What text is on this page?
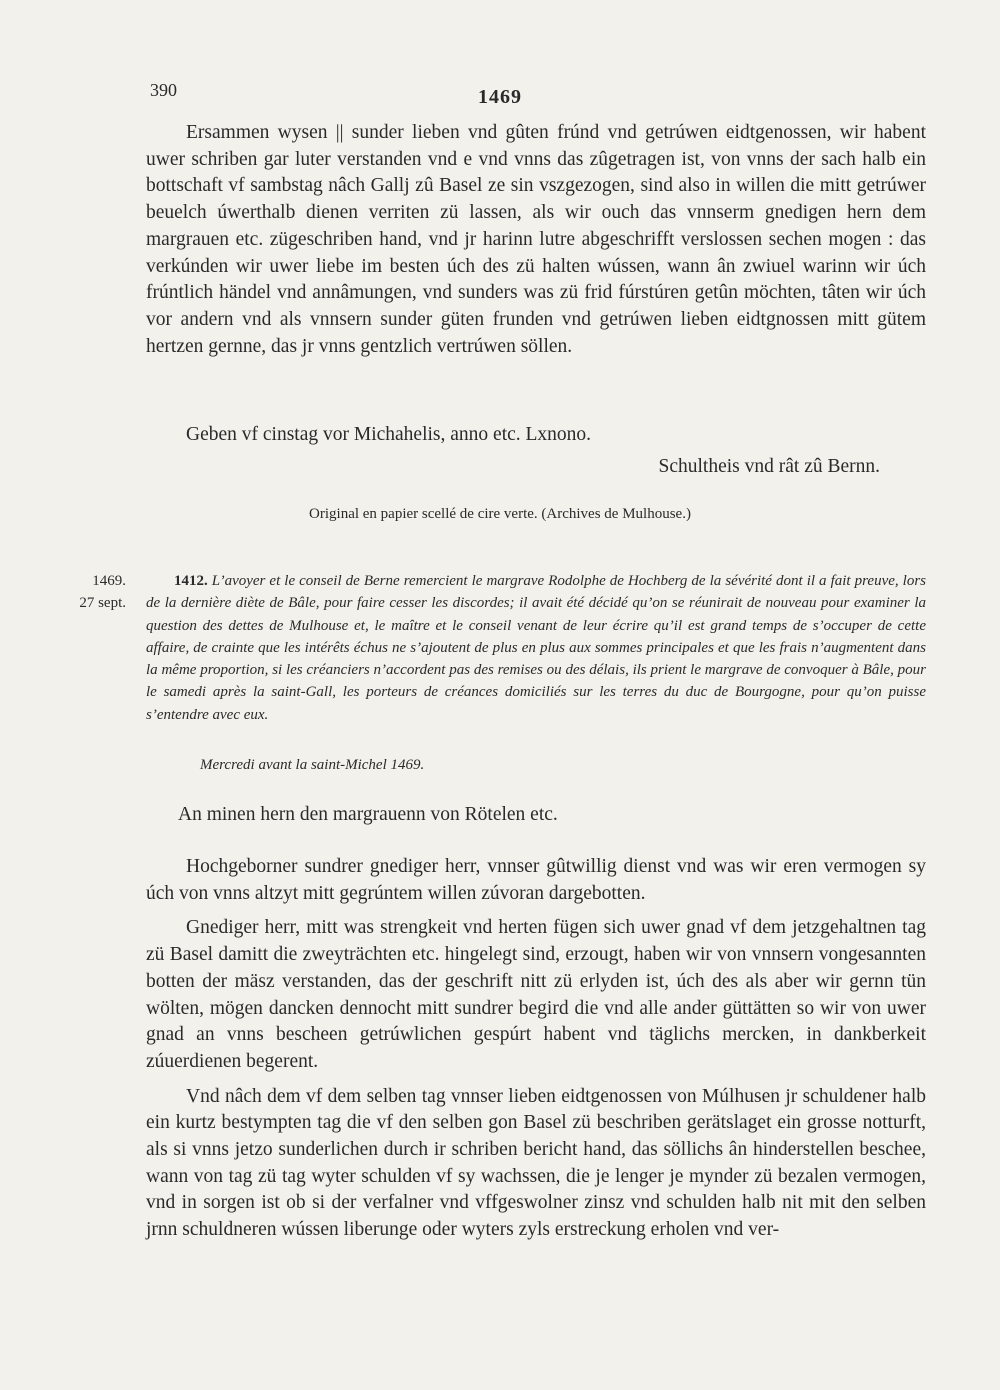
390	1469

Ersammen wysen || sunder lieben vnd gûten frúnd vnd getrúwen eidtgenossen, wir habent uwer schriben gar luter verstanden vnd e vnd vnns das zûgetragen ist, von vnns der sach halb ein bottschaft vf sambstag nâch Gallj zû Basel ze sin vszgezogen, sind also in willen die mitt getrúwer beuelch úwerthalb dienen verriten zü lassen, als wir ouch das vnnserm gnedigen hern dem margrauen etc. zügeschriben hand, vnd jr harinn lutre abgeschrifft verslossen sechen mogen : das verkúnden wir uwer liebe im besten úch des zü halten wússen, wann ân zwiuel warinn wir úch frúntlich händel vnd annâmungen, vnd sunders was zü frid fúrstúren getûn möchten, tâten wir úch vor andern vnd als vnnsern sunder güten frunden vnd getrúwen lieben eidtgnossen mitt gütem hertzen gernne, das jr vnns gentzlich vertrúwen söllen.

Geben vf cinstag vor Michahelis, anno etc. Lxnono.
Schultheis vnd rât zû Bernn.
Original en papier scellé de cire verte. (Archives de Mulhouse.)
1469.
27 sept.
1412. L’avoyer et le conseil de Berne remercient le margrave Rodolphe de Hochberg de la sévérité dont il a fait preuve, lors de la dernière diète de Bâle, pour faire cesser les discordes; il avait été décidé qu’on se réunirait de nouveau pour examiner la question des dettes de Mulhouse et, le maître et le conseil venant de leur écrire qu’il est grand temps de s’occuper de cette affaire, de crainte que les intérêts échus ne s’ajoutent de plus en plus aux sommes principales et que les frais n’augmentent dans la même proportion, si les créanciers n’accordent pas des remises ou des délais, ils prient le margrave de convoquer à Bâle, pour le samedi après la saint-Gall, les porteurs de créances domiciliés sur les terres du duc de Bourgogne, pour qu’on puisse s’entendre avec eux.
Mercredi avant la saint-Michel 1469.
An minen hern den margrauenn von Rötelen etc.

Hochgeborner sundrer gnediger herr, vnnser gûtwillig dienst vnd was wir eren vermogen sy úch von vnns altzyt mitt gegrúntem willen zúvoran dargebotten.

Gnediger herr, mitt was strengkeit vnd herten fügen sich uwer gnad vf dem jetzgehaltnen tag zü Basel damitt die zweyträchten etc. hingelegt sind, erzougt, haben wir von vnnsern vongesannten botten der mäsz verstanden, das der geschrift nitt zü erlyden ist, úch des als aber wir gernn tün wölten, mögen dancken dennocht mitt sundrer begird die vnd alle ander güttätten so wir von uwer gnad an vnns bescheen getrúwlichen gespúrt habent vnd täglichs mercken, in dankberkeit zúuerdienen begerent.

Vnd nâch dem vf dem selben tag vnnser lieben eidtgenossen von Múlhusen jr schuldener halb ein kurtz bestympten tag die vf den selben gon Basel zü beschriben gerätslaget ein grosse notturft, als si vnns jetzo sunderlichen durch ir schriben bericht hand, das söllichs ân hinderstellen beschee, wann von tag zü tag wyter schulden vf sy wachssen, die je lenger je mynder zü bezalen vermogen, vnd in sorgen ist ob si der verfalner vnd vffgeswolner zinsz vnd schulden halb nit mit den selben jrnn schuldneren wússen liberunge oder wyters zyls erstreckung erholen vnd ver-
